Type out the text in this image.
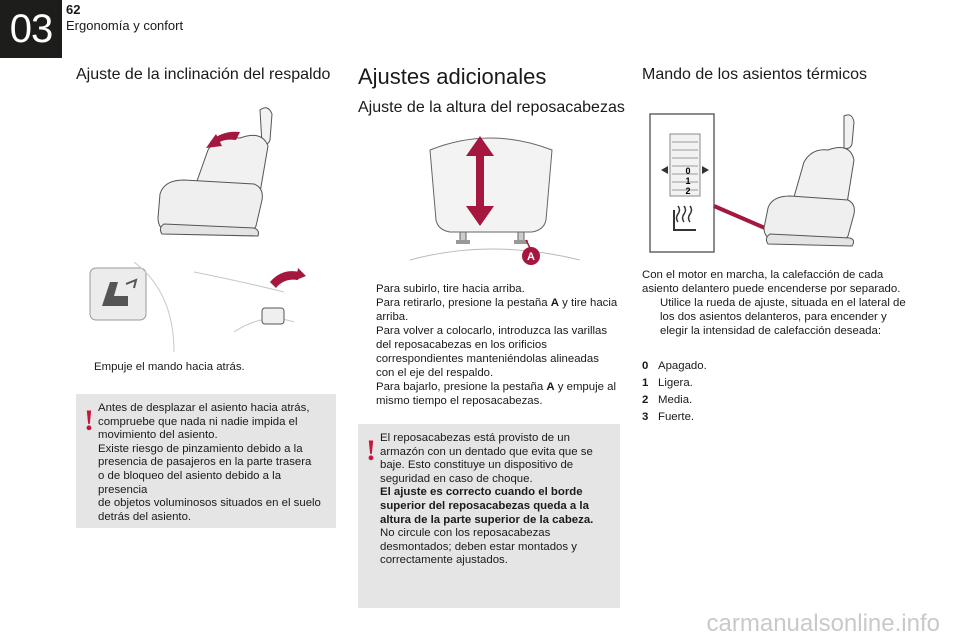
03	62
Ergonomía y confort
Ajuste de la inclinación del respaldo

Empuje el mando hacia atrás.

! Antes de desplazar el asiento hacia atrás,
compruebe que nada ni nadie impida el
movimiento del asiento.
Existe riesgo de pinzamiento debido a la
presencia de pasajeros en la parte trasera
o de bloqueo del asiento debido a la presencia
de objetos voluminosos situados en el suelo
detrás del asiento.
Ajustes adicionales
Ajuste de la altura del reposacabezas
A

Para subirlo, tire hacia arriba.

Para retirarlo, presione la pestaña A y tire hacia arriba.

Para volver a colocarlo, introduzca las varillas del reposacabezas en los orificios correspondientes manteniéndolas alineadas con el eje del respaldo.

Para bajarlo, presione la pestaña A y empuje al mismo tiempo el reposacabezas.

! El reposacabezas está provisto de un armazón con un dentado que evita que se baje. Esto constituye un dispositivo de seguridad en caso de choque.
El ajuste es correcto cuando el borde superior del reposacabezas queda a la altura de la parte superior de la cabeza.
No circule con los reposacabezas desmontados; deben estar montados y correctamente ajustados.
Mando de los asientos térmicos
0
1
2
Con el motor en marcha, la calefacción de cada asiento delantero puede encenderse por separado.

Utilice la rueda de ajuste, situada en el lateral de los dos asientos delanteros, para encender y elegir la intensidad de calefacción deseada:

0 Apagado.
1 Ligera.
2 Media.
3 Fuerte.
carmanualsonline.info
